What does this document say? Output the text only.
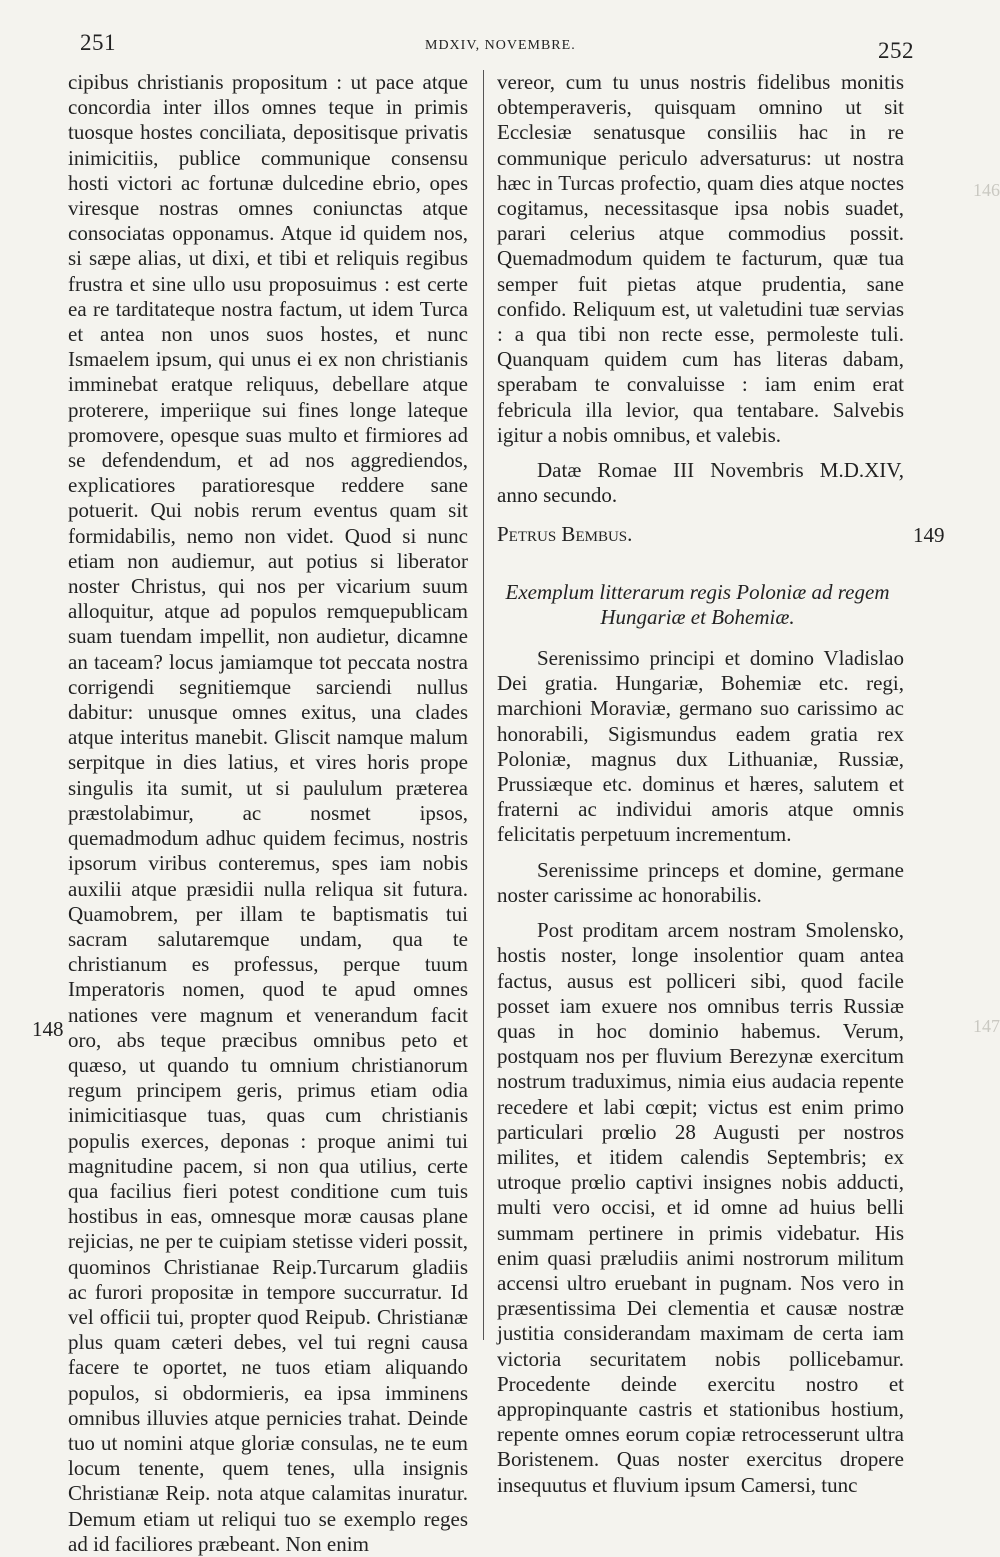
251	MDXIV, NOVEMBRE.	252

cipibus christianis propositum : ut pace atque concordia inter illos omnes teque in primis tuosque hostes conciliata, depositisque privatis inimicitiis, publice communique consensu hosti victori ac fortunæ dulcedine ebrio, opes viresque nostras omnes coniunctas atque consociatas opponamus. Atque id quidem nos, si sæpe alias, ut dixi, et tibi et reliquis regibus frustra et sine ullo usu proposuimus : est certe ea re tarditateque nostra factum, ut idem Turca et antea non unos suos hostes, et nunc Ismaelem ipsum, qui unus ei ex non christianis imminebat eratque reliquus, debellare atque proterere, imperiique sui fines longe lateque promovere, opesque suas multo et firmiores ad se defendendum, et ad nos aggrediendos, explicatiores paratioresque reddere sane potuerit. Qui nobis rerum eventus quam sit formidabilis, nemo non videt. Quod si nunc etiam non audiemur, aut potius si liberator noster Christus, qui nos per vicarium suum alloquitur, atque ad populos remquepublicam suam tuendam impellit, non audietur, dicamne an taceam? locus jamiamque tot peccata nostra corrigendi segnitiemque sarciendi nullus dabitur: unusque omnes exitus, una clades atque interitus manebit. Gliscit namque malum serpitque in dies latius, et vires horis prope singulis ita sumit, ut si paululum præterea præstolabimur, ac nosmet ipsos, quemadmodum adhuc quidem fecimus, nostris ipsorum viribus conteremus, spes iam nobis auxilii atque præsidii nulla reliqua sit futura. Quamobrem, per illam te baptismatis tui sacram salutaremque undam, qua te christianum es professus, perque tuum Imperatoris nomen, quod te apud omnes nationes vere magnum et venerandum facit oro, abs teque præcibus omnibus peto et quæso, ut quando tu omnium christianorum regum principem geris, primus etiam odia inimicitiasque tuas, quas cum christianis populis exerces, deponas : proque animi tui magnitudine pacem, si non qua utilius, certe qua facilius fieri potest conditione cum tuis hostibus in eas, omnesque moræ causas plane rejicias, ne per te cuipiam stetisse videri possit, quominos Christianae Reip.Turcarum gladiis ac furori propositæ in tempore succurratur. Id vel officii tui, propter quod Reipub. Christianæ plus quam cæteri debes, vel tui regni causa facere te oportet, ne tuos etiam aliquando populos, si obdormieris, ea ipsa imminens omnibus illuvies atque pernicies trahat. Deinde tuo ut nomini atque gloriæ consulas, ne te eum locum tenente, quem tenes, ulla insignis Christianæ Reip. nota atque calamitas inuratur. Demum etiam ut reliqui tuo se exemplo reges ad id faciliores præbeant. Non enim

148

vereor, cum tu unus nostris fidelibus monitis obtemperaveris, quisquam omnino ut sit Ecclesiæ senatusque consiliis hac in re communique periculo adversaturus: ut nostra hæc in Turcas profectio, quam dies atque noctes cogitamus, necessitasque ipsa nobis suadet, parari celerius atque commodius possit. Quemadmodum quidem te facturum, quæ tua semper fuit pietas atque prudentia, sane confido. Reliquum est, ut valetudini tuæ servias : a qua tibi non recte esse, permoleste tuli. Quanquam quidem cum has literas dabam, sperabam te convaluisse : iam enim erat febricula illa levior, qua tentabare. Salvebis igitur a nobis omnibus, et valebis.

Datæ Romae III Novembris M.D.XIV, anno secundo.

Petrus Bembus.

Exemplum litterarum regis Poloniæ ad regem
Hungariæ et Bohemiæ.

Serenissimo principi et domino Vladislao Dei gratia. Hungariæ, Bohemiæ etc. regi, marchioni Moraviæ, germano suo carissimo ac honorabili, Sigismundus eadem gratia rex Poloniæ, magnus dux Lithuaniæ, Russiæ, Prussiæque etc. dominus et hæres, salutem et fraterni ac individui amoris atque omnis felicitatis perpetuum incrementum.

Serenissime princeps et domine, germane noster carissime ac honorabilis.

Post proditam arcem nostram Smolensko, hostis noster, longe insolentior quam antea factus, ausus est polliceri sibi, quod facile posset iam exuere nos omnibus terris Russiæ quas in hoc dominio habemus. Verum, postquam nos per fluvium Berezynæ exercitum nostrum traduximus, nimia eius audacia repente recedere et labi cœpit; victus est enim primo particulari prœlio 28 Augusti per nostros milites, et itidem calendis Septembris; ex utroque prœlio captivi insignes nobis adducti, multi vero occisi, et id omne ad huius belli summam pertinere in primis videbatur. His enim quasi præludiis animi nostrorum militum accensi ultro eruebant in pugnam. Nos vero in præsentissima Dei clementia et causæ nostræ justitia considerandam maximam de certa iam victoria securitatem nobis pollicebamur. Procedente deinde exercitu nostro et appropinquante castris et stationibus hostium, repente omnes eorum copiæ retrocesserunt ultra Boristenem. Quas noster exercitus dropere insequutus et fluvium ipsum Camersi, tunc

149
146
147
